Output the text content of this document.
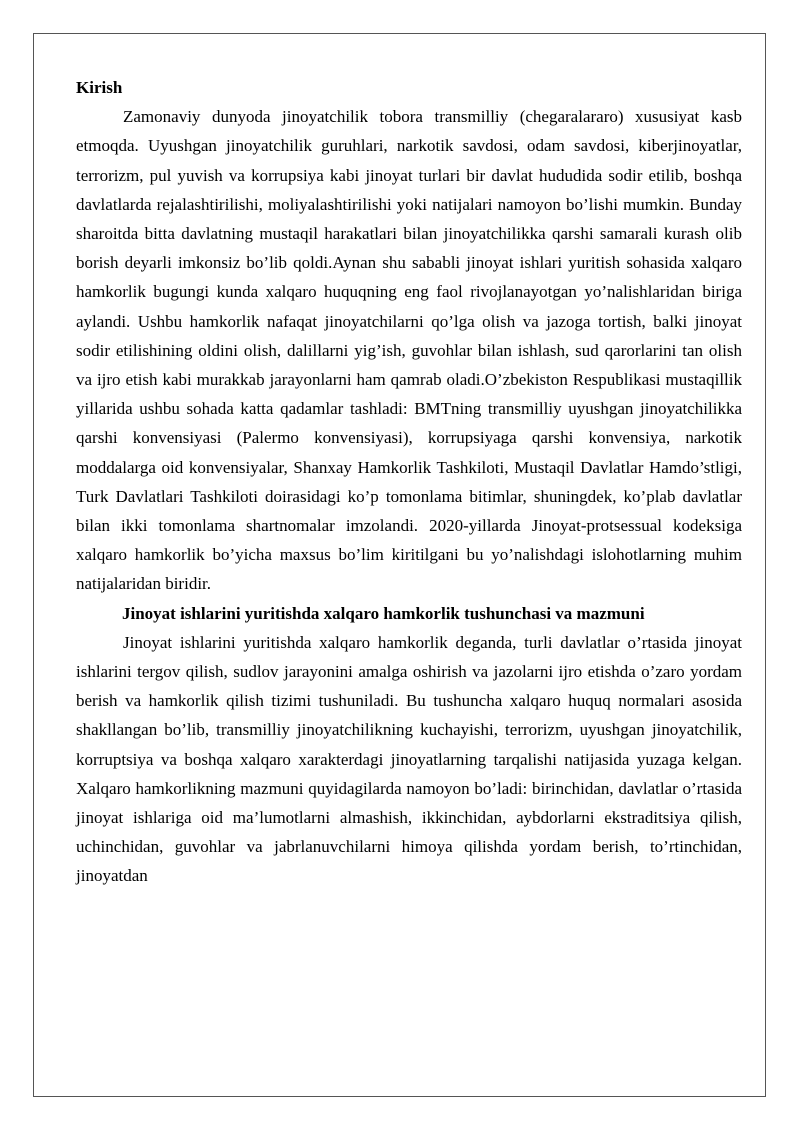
Kirish

Zamonaviy dunyoda jinoyatchilik tobora transmilliy (chegaralararo) xususiyat kasb etmoqda. Uyushgan jinoyatchilik guruhlari, narkotik savdosi, odam savdosi, kiberjinoyatlar, terrorizm, pul yuvish va korrupsiya kabi jinoyat turlari bir davlat hududida sodir etilib, boshqa davlatlarda rejalashtirilishi, moliyalashtirilishi yoki natijalari namoyon bo’lishi mumkin. Bunday sharoitda bitta davlatning mustaqil harakatlari bilan jinoyatchilikka qarshi samarali kurash olib borish deyarli imkonsiz bo’lib qoldi.Aynan shu sababli jinoyat ishlari yuritish sohasida xalqaro hamkorlik bugungi kunda xalqaro huquqning eng faol rivojlanayotgan yo’nalishlaridan biriga aylandi. Ushbu hamkorlik nafaqat jinoyatchilarni qo’lga olish va jazoga tortish, balki jinoyat sodir etilishining oldini olish, dalillarni yig’ish, guvohlar bilan ishlash, sud qarorlarini tan olish va ijro etish kabi murakkab jarayonlarni ham qamrab oladi.O’zbekiston Respublikasi mustaqillik yillarida ushbu sohada katta qadamlar tashladi: BMTning transmilliy uyushgan jinoyatchilikka qarshi konvensiyasi (Palermo konvensiyasi), korrupsiyaga qarshi konvensiya, narkotik moddalarga oid konvensiyalar, Shanxay Hamkorlik Tashkiloti, Mustaqil Davlatlar Hamdo’stligi, Turk Davlatlari Tashkiloti doirasidagi ko’p tomonlama bitimlar, shuningdek, ko’plab davlatlar bilan ikki tomonlama shartnomalar imzolandi. 2020-yillarda Jinoyat-protsessual kodeksiga xalqaro hamkorlik bo’yicha maxsus bo’lim kiritilgani bu yo’nalishdagi islohotlarning muhim natijalaridan biridir.

Jinoyat ishlarini yuritishda xalqaro hamkorlik tushunchasi va mazmuni

Jinoyat ishlarini yuritishda xalqaro hamkorlik deganda, turli davlatlar o’rtasida jinoyat ishlarini tergov qilish, sudlov jarayonini amalga oshirish va jazolarni ijro etishda o’zaro yordam berish va hamkorlik qilish tizimi tushuniladi. Bu tushuncha xalqaro huquq normalari asosida shakllangan bo’lib, transmilliy jinoyatchilikning kuchayishi, terrorizm, uyushgan jinoyatchilik, korruptsiya va boshqa xalqaro xarakterdagi jinoyatlarning tarqalishi natijasida yuzaga kelgan. Xalqaro hamkorlikning mazmuni quyidagilarda namoyon bo’ladi: birinchidan, davlatlar o’rtasida jinoyat ishlariga oid ma’lumotlarni almashish, ikkinchidan, aybdorlarni ekstraditsiya qilish, uchinchidan, guvohlar va jabrlanuvchilarni himoya qilishda yordam berish, to’rtinchidan, jinoyatdan
